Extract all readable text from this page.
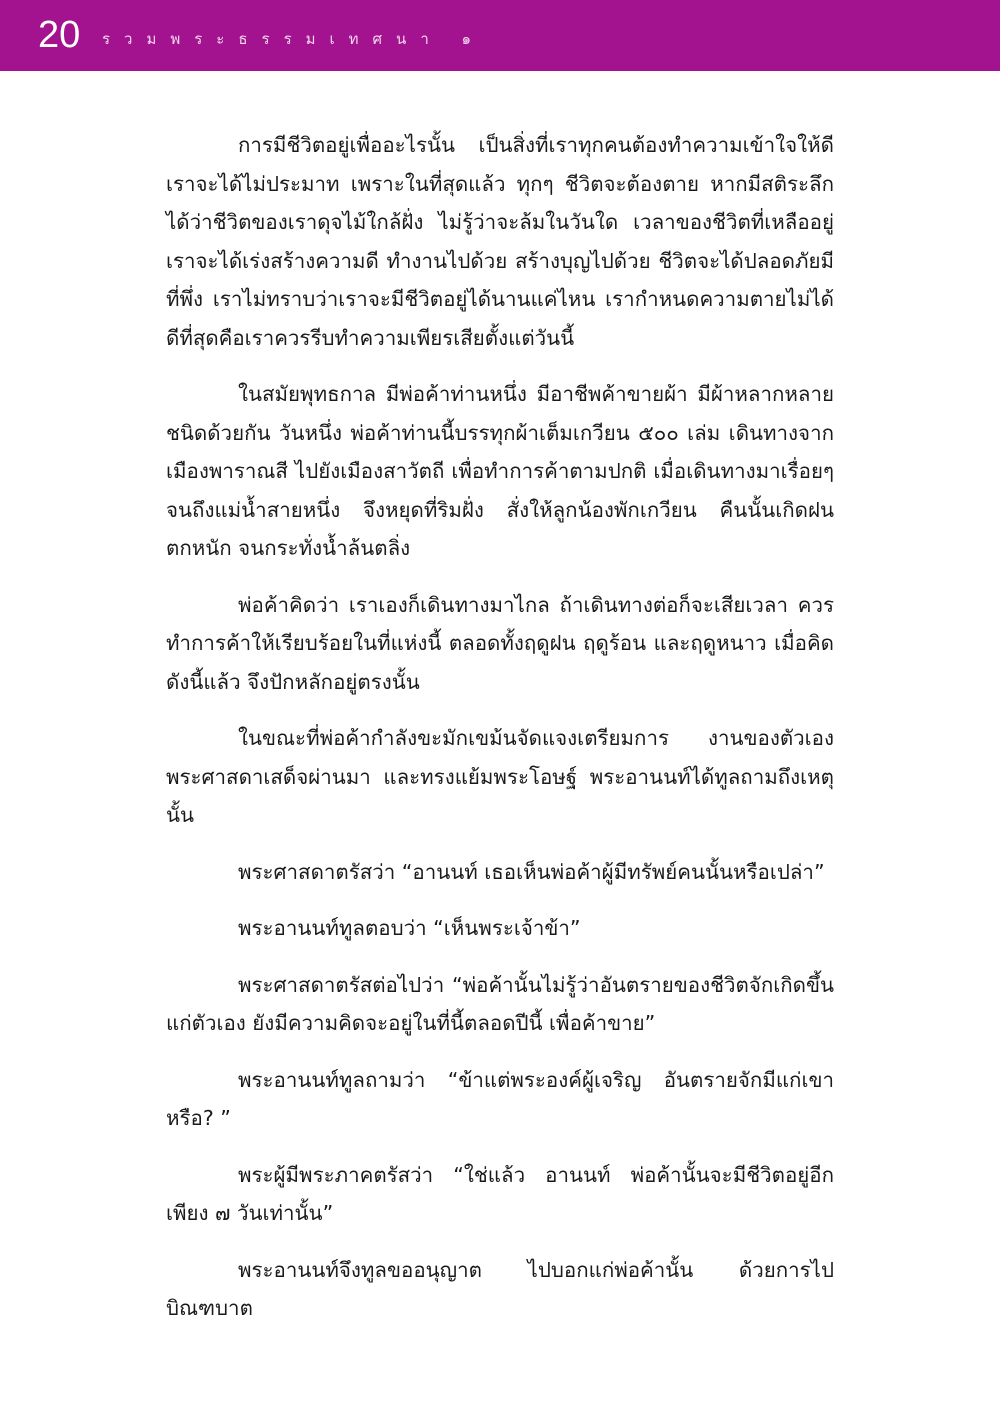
20 รวมพระธรรมเทศนา ๑

การมีชีวิตอยู่เพื่ออะไรนั้น เป็นสิ่งที่เราทุกคนต้องทำความเข้าใจให้ดี เราจะได้ไม่ประมาท เพราะในที่สุดแล้ว ทุกๆ ชีวิตจะต้องตาย หากมีสติระลึกได้ว่าชีวิตของเราดุจไม้ใกล้ฝั่ง ไม่รู้ว่าจะล้มในวันใด เวลาของชีวิตที่เหลืออยู่ เราจะได้เร่งสร้างความดี ทำงานไปด้วย สร้างบุญไปด้วย ชีวิตจะได้ปลอดภัยมีที่พึ่ง เราไม่ทราบว่าเราจะมีชีวิตอยู่ได้นานแค่ไหน เรากำหนดความตายไม่ได้ ดีที่สุดคือเราควรรีบทำความเพียรเสียตั้งแต่วันนี้

ในสมัยพุทธกาล มีพ่อค้าท่านหนึ่ง มีอาชีพค้าขายผ้า มีผ้าหลากหลายชนิดด้วยกัน วันหนึ่ง พ่อค้าท่านนี้บรรทุกผ้าเต็มเกวียน ๕๐๐ เล่ม เดินทางจากเมืองพาราณสี ไปยังเมืองสาวัตถี เพื่อทำการค้าตามปกติ เมื่อเดินทางมาเรื่อยๆ จนถึงแม่น้ำสายหนึ่ง จึงหยุดที่ริมฝั่ง สั่งให้ลูกน้องพักเกวียน คืนนั้นเกิดฝนตกหนัก จนกระทั่งน้ำล้นตลิ่ง

พ่อค้าคิดว่า เราเองก็เดินทางมาไกล ถ้าเดินทางต่อก็จะเสียเวลา ควรทำการค้าให้เรียบร้อยในที่แห่งนี้ ตลอดทั้งฤดูฝน ฤดูร้อน และฤดูหนาว เมื่อคิดดังนี้แล้ว จึงปักหลักอยู่ตรงนั้น

ในขณะที่พ่อค้ากำลังขะมักเขม้นจัดแจงเตรียมการ งานของตัวเอง พระศาสดาเสด็จผ่านมา และทรงแย้มพระโอษฐ์ พระอานนท์ได้ทูลถามถึงเหตุนั้น

พระศาสดาตรัสว่า “อานนท์ เธอเห็นพ่อค้าผู้มีทรัพย์คนนั้นหรือเปล่า”

พระอานนท์ทูลตอบว่า “เห็นพระเจ้าข้า”

พระศาสดาตรัสต่อไปว่า “พ่อค้านั้นไม่รู้ว่าอันตรายของชีวิตจักเกิดขึ้นแก่ตัวเอง ยังมีความคิดจะอยู่ในที่นี้ตลอดปีนี้ เพื่อค้าขาย”

พระอานนท์ทูลถามว่า “ข้าแต่พระองค์ผู้เจริญ อันตรายจักมีแก่เขาหรือ? ”

พระผู้มีพระภาคตรัสว่า “ใช่แล้ว อานนท์ พ่อค้านั้นจะมีชีวิตอยู่อีกเพียง ๗ วันเท่านั้น”

พระอานนท์จึงทูลขออนุญาต ไปบอกแก่พ่อค้านั้น ด้วยการไปบิณฑบาต
